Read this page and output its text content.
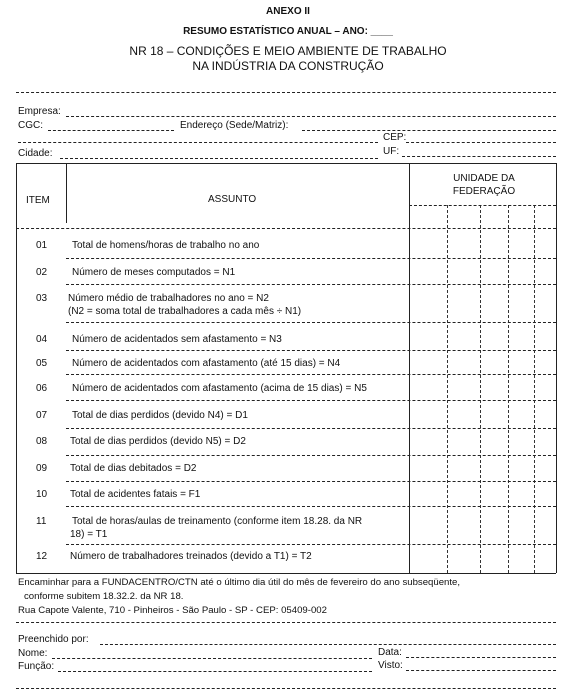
ANEXO II
RESUMO ESTATÍSTICO ANUAL – ANO: ____
NR 18 – CONDIÇÕES E MEIO AMBIENTE DE TRABALHO
NA INDÚSTRIA DA CONSTRUÇÃO
Empresa:
CGC:	Endereço (Sede/Matriz):
CEP:
Cidade:	UF:
ITEM	ASSUNTO
UNIDADE DA FEDERAÇÃO
01 Total de homens/horas de trabalho no ano
02 Número de meses computados = N1
03 Número médio de trabalhadores no ano = N2
(N2 = soma total de trabalhadores a cada mês ÷ N1)
04 Número de acidentados sem afastamento = N3
05 Número de acidentados com afastamento (até 15 dias) = N4
06 Número de acidentados com afastamento (acima de 15 dias) = N5
07 Total de dias perdidos (devido N4) = D1
08 Total de dias perdidos (devido N5) = D2
09 Total de dias debitados = D2
10 Total de acidentes fatais = F1
11	Total de horas/aulas de treinamento (conforme item 18.28. da NR
18) = T1
12 Número de trabalhadores treinados (devido a T1) = T2
Encaminhar para a FUNDACENTRO/CTN até o último dia útil do mês de fevereiro do ano subseqüente,
conforme subitem 18.32.2. da NR 18.
Rua Capote Valente, 710 - Pinheiros - São Paulo - SP - CEP: 05409-002
Preenchido por:
Nome:	Data:
Função:	Visto:
